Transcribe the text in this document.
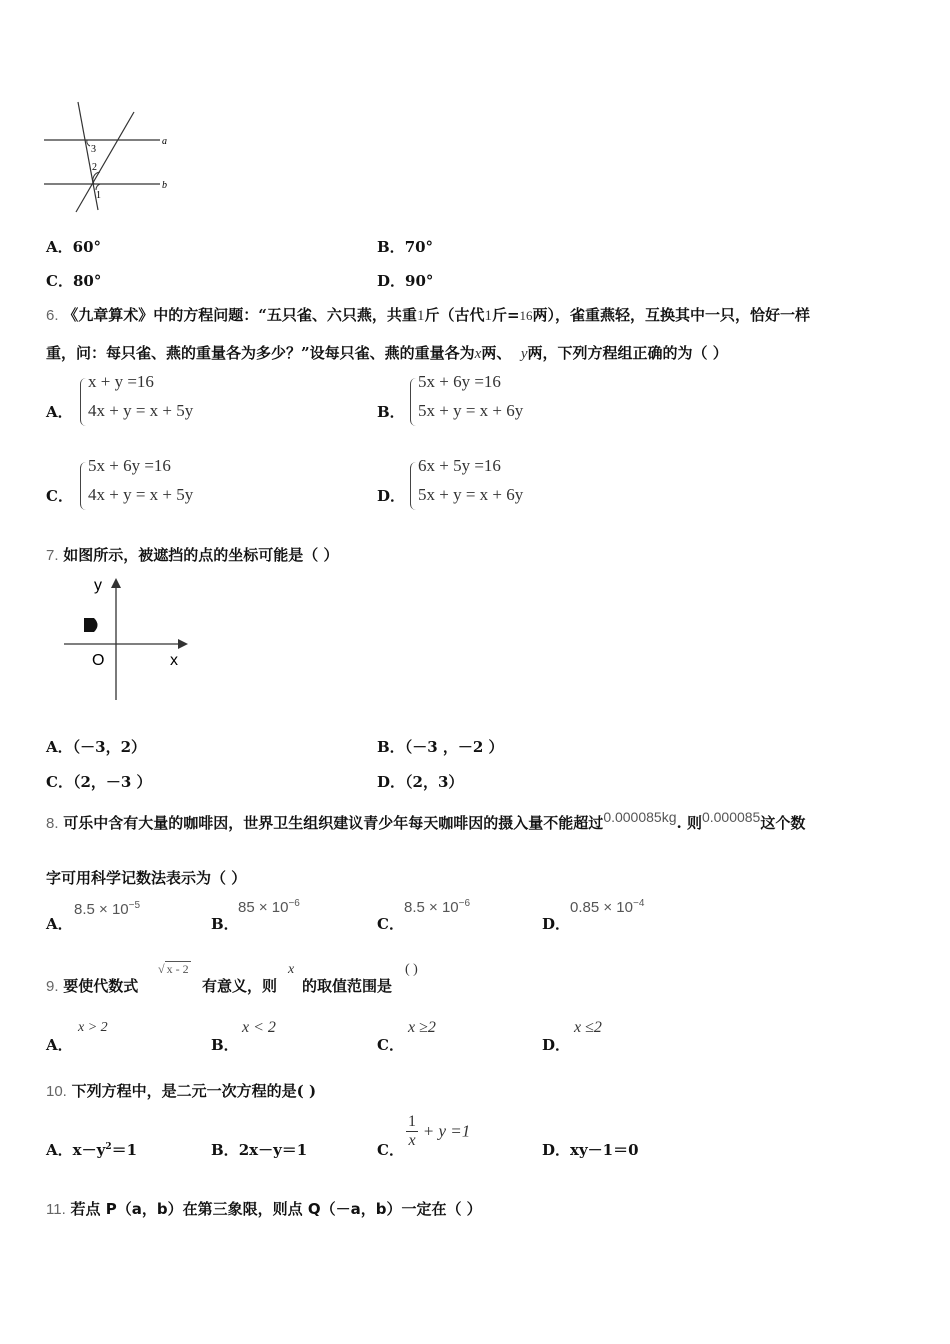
3
2
1
a
b
A．60°	B．70°
C．80°	D．90°
6. 《九章算术》中的方程问题：“五只雀、六只燕，共重1斤（古代1斤=16两），雀重燕轻，互换其中一只，恰好一样
重，问：每只雀、燕的重量各为多少？”设每只雀、燕的重量各为x两、 y两，下列方程组正确的为（ ）
A．
x + y =16
4x + y = x + 5y	B．
5x + 6y =16
5x + y = x + 6y
C．
5x + 6y =16
4x + y = x + 5y	D．
6x + 5y =16
5x + y = x + 6y
7. 如图所示，被遮挡的点的坐标可能是（ ）
y
x
O
A．（－3，2）	B．（－3 ，－2 ）
C．（2，－3 ）	D．（2，3）
8. 可乐中含有大量的咖啡因，世界卫生组织建议青少年每天咖啡因的摄入量不能超过0.000085kg. 则0.000085这个数
字可用科学记数法表示为（ ）
A．
$8.5 \times 10^{-5}$
B．
$85 \times 10^{-6}$
C．
$8.5 \times 10^{-6}$
D．
$0.85 \times 10^{-4}$
9. 要使代数式
√ x - 2
有意义，则
x
的取值范围是
( )
A．
x > 2
B．
x < 2
C．
x ≥2
D．
x ≤2
10. 下列方程中，是二元一次方程的是( )
A．$x-y^2=1$	B．2x－y＝1	C． $\frac{1}{x} + y =1$
D．xy－1＝0
11. 若点 P（a，b）在第三象限，则点 Q（－a，b）一定在（ ）
